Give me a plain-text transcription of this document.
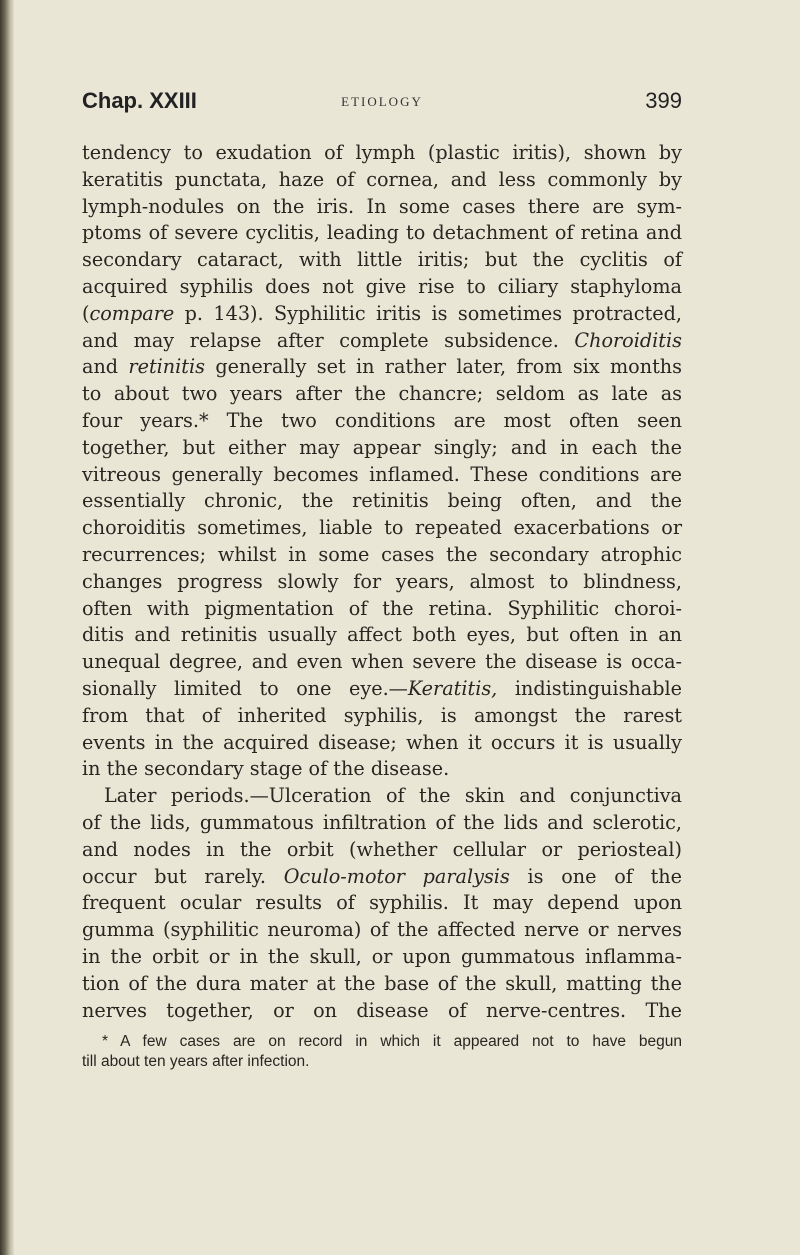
Chap. XXIII	ETIOLOGY	399
tendency to exudation of lymph (plastic iritis), shown by
keratitis punctata, haze of cornea, and less commonly by
lymph-nodules on the iris. In some cases there are sym-
ptoms of severe cyclitis, leading to detachment of retina and
secondary cataract, with little iritis; but the cyclitis of
acquired syphilis does not give rise to ciliary staphyloma
(compare p. 143). Syphilitic iritis is sometimes protracted,
and may relapse after complete subsidence. Choroiditis
and retinitis generally set in rather later, from six months
to about two years after the chancre; seldom as late as
four years.* The two conditions are most often seen
together, but either may appear singly; and in each the
vitreous generally becomes inflamed. These conditions are
essentially chronic, the retinitis being often, and the
choroiditis sometimes, liable to repeated exacerbations or
recurrences; whilst in some cases the secondary atrophic
changes progress slowly for years, almost to blindness,
often with pigmentation of the retina. Syphilitic choroi-
ditis and retinitis usually affect both eyes, but often in an
unequal degree, and even when severe the disease is occa-
sionally limited to one eye.—Keratitis, indistinguishable
from that of inherited syphilis, is amongst the rarest
events in the acquired disease; when it occurs it is usually
in the secondary stage of the disease.
Later periods.—Ulceration of the skin and conjunctiva
of the lids, gummatous infiltration of the lids and sclerotic,
and nodes in the orbit (whether cellular or periosteal)
occur but rarely. Oculo-motor paralysis is one of the
frequent ocular results of syphilis. It may depend upon
gumma (syphilitic neuroma) of the affected nerve or nerves
in the orbit or in the skull, or upon gummatous inflamma-
tion of the dura mater at the base of the skull, matting the
nerves together, or on disease of nerve-centres. The
* A few cases are on record in which it appeared not to have begun
till about ten years after infection.
